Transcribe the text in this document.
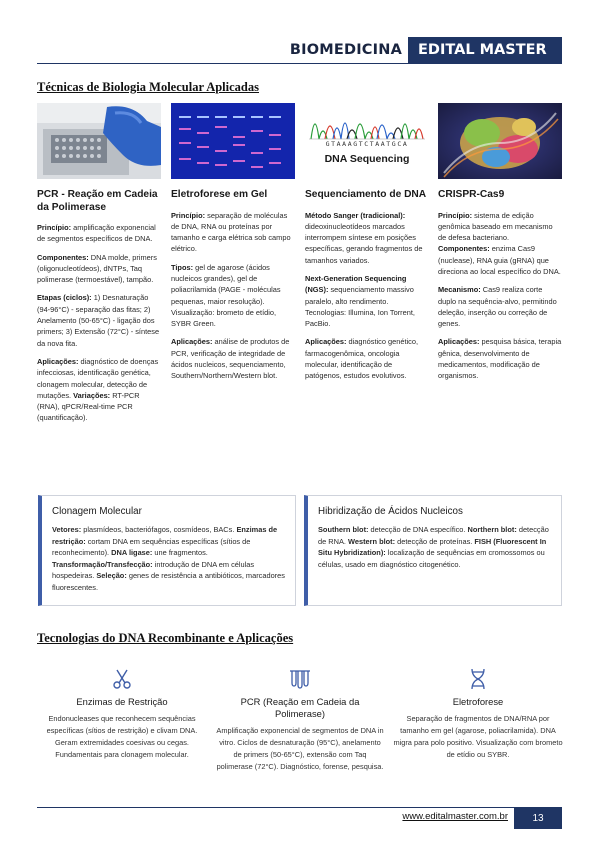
BIOMEDICINA	EDITAL MASTER
Técnicas de Biologia Molecular Aplicadas
PCR - Reação em Cadeia da Polimerase

Princípio: amplificação exponencial de segmentos específicos de DNA.

Componentes: DNA molde, primers (oligonucleotídeos), dNTPs, Taq polimerase (termoestável), tampão.

Etapas (ciclos): 1) Desnaturação (94-96°C) - separação das fitas; 2) Anelamento (50-65°C) - ligação dos primers; 3) Extensão (72°C) - síntese da nova fita.

Aplicações: diagnóstico de doenças infecciosas, identificação genética, clonagem molecular, detecção de mutações. Variações: RT-PCR (RNA), qPCR/Real-time PCR (quantificação).

Eletroforese em Gel

Princípio: separação de moléculas de DNA, RNA ou proteínas por tamanho e carga elétrica sob campo elétrico.

Tipos: gel de agarose (ácidos nucleicos grandes), gel de poliacrilamida (PAGE - moléculas pequenas, maior resolução). Visualização: brometo de etídio, SYBR Green.

Aplicações: análise de produtos de PCR, verificação de integridade de ácidos nucleicos, sequenciamento, Southern/Northern/Western blot.

GTAAAGTCTAATGCA
DNA Sequencing
Sequenciamento de DNA

Método Sanger (tradicional): dideoxinucleotídeos marcados interrompem síntese em posições específicas, gerando fragmentos de tamanhos variados.

Next-Generation Sequencing (NGS): sequenciamento massivo paralelo, alto rendimento. Tecnologias: Illumina, Ion Torrent, PacBio.

Aplicações: diagnóstico genético, farmacogenômica, oncologia molecular, identificação de patógenos, estudos evolutivos.

CRISPR-Cas9

Princípio: sistema de edição genômica baseado em mecanismo de defesa bacteriano. Componentes: enzima Cas9 (nuclease), RNA guia (gRNA) que direciona ao local específico do DNA.

Mecanismo: Cas9 realiza corte duplo na sequência-alvo, permitindo deleção, inserção ou correção de genes.

Aplicações: pesquisa básica, terapia gênica, desenvolvimento de medicamentos, modificação de organismos.

Clonagem Molecular

Vetores: plasmídeos, bacteriófagos, cosmídeos, BACs. Enzimas de restrição: cortam DNA em sequências específicas (sítios de reconhecimento). DNA ligase: une fragmentos. Transformação/Transfecção: introdução de DNA em células hospedeiras. Seleção: genes de resistência a antibióticos, marcadores fluorescentes.

Hibridização de Ácidos Nucleicos

Southern blot: detecção de DNA específico. Northern blot: detecção de RNA. Western blot: detecção de proteínas. FISH (Fluorescent In Situ Hybridization): localização de sequências em cromossomos ou células, usado em diagnóstico citogenético.

Tecnologias do DNA Recombinante e Aplicações
Enzimas de Restrição

Endonucleases que reconhecem sequências específicas (sítios de restrição) e clivam DNA. Geram extremidades coesivas ou cegas. Fundamentais para clonagem molecular.

PCR (Reação em Cadeia da Polimerase)

Amplificação exponencial de segmentos de DNA in vitro. Ciclos de desnaturação (95°C), anelamento de primers (50-65°C), extensão com Taq polimerase (72°C). Diagnóstico, forense, pesquisa.

Eletroforese

Separação de fragmentos de DNA/RNA por tamanho em gel (agarose, poliacrilamida). DNA migra para polo positivo. Visualização com brometo de etídio ou SYBR.

www.editalmaster.com.br	13
